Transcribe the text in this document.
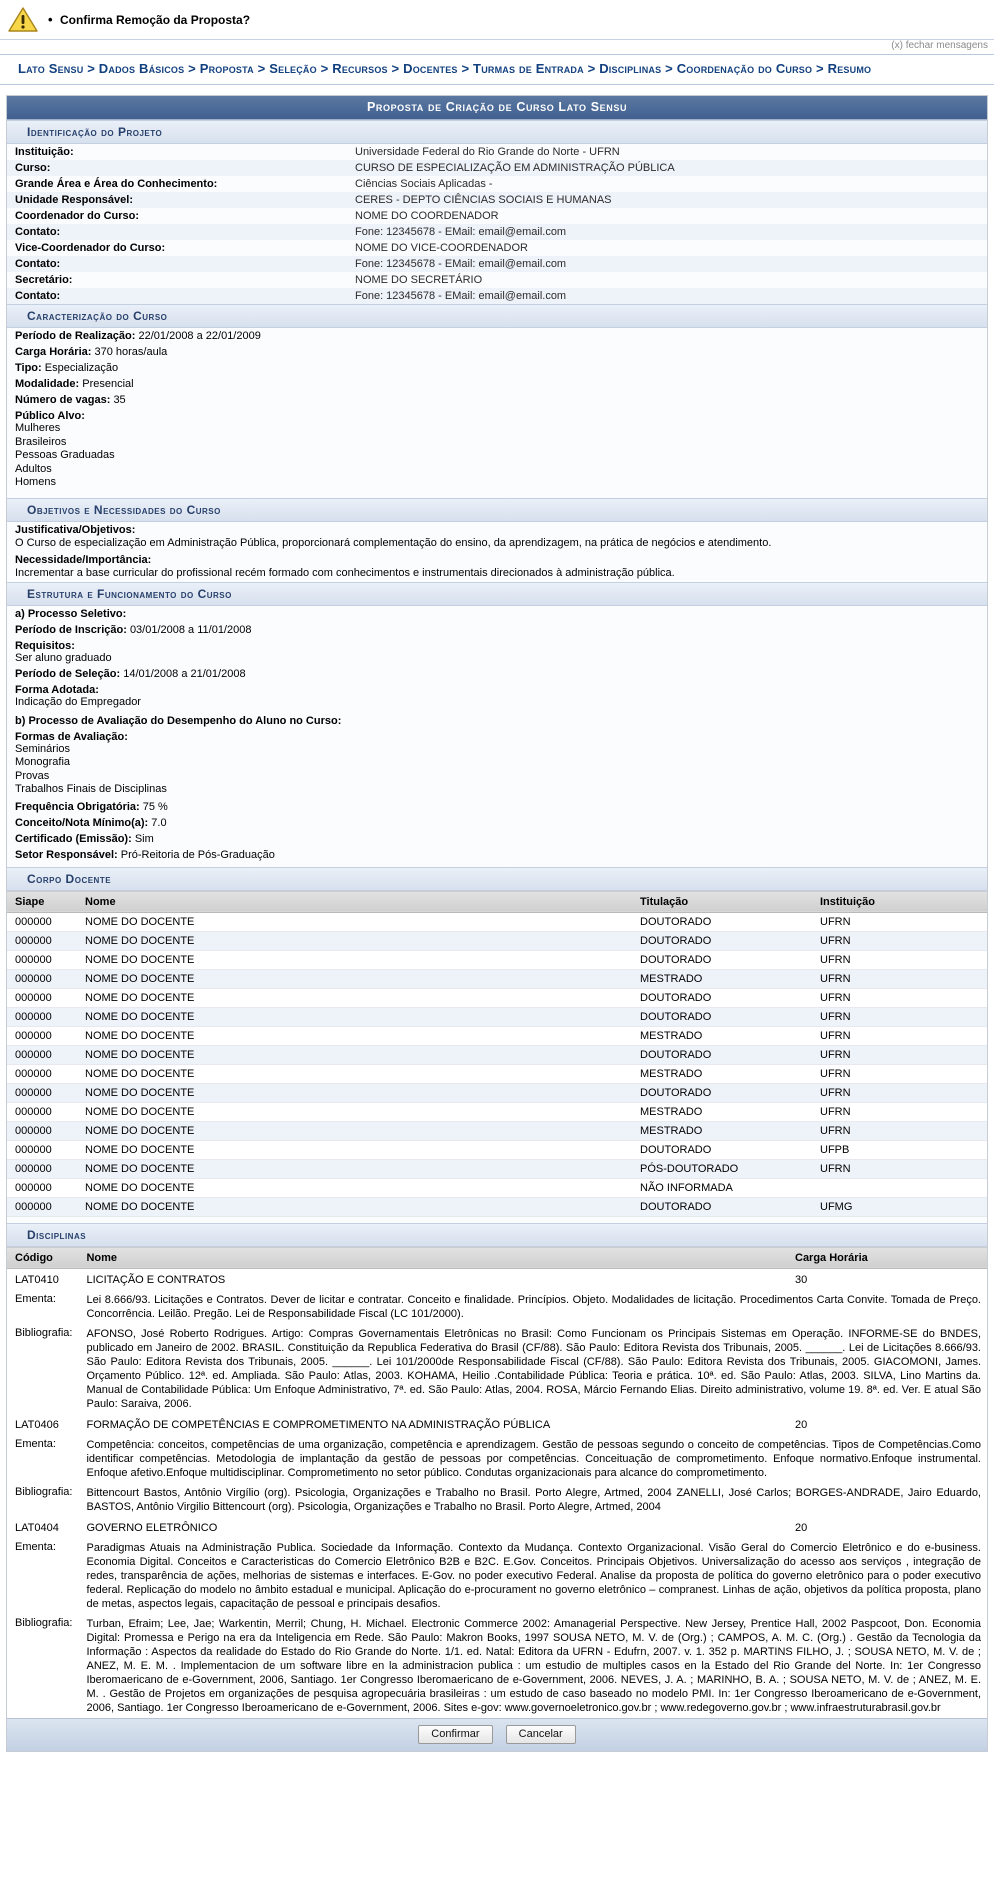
• Confirma Remoção da Proposta?
(x) fechar mensagens
Lato Sensu > Dados Básicos > Proposta > Seleção > Recursos > Docentes > Turmas de Entrada > Disciplinas > Coordenação do Curso > Resumo
Proposta de Criação de Curso Lato Sensu
Identificação do Projeto
Instituição:	Universidade Federal do Rio Grande do Norte - UFRN
Curso:	CURSO DE ESPECIALIZAÇÃO EM ADMINISTRAÇÃO PÚBLICA
Grande Área e Área do Conhecimento:	Ciências Sociais Aplicadas -
Unidade Responsável:	CERES - DEPTO CIÊNCIAS SOCIAIS E HUMANAS
Coordenador do Curso:	NOME DO COORDENADOR
Contato:	Fone: 12345678 - EMail: email@email.com
Vice-Coordenador do Curso:	NOME DO VICE-COORDENADOR
Contato:	Fone: 12345678 - EMail: email@email.com
Secretário:	NOME DO SECRETÁRIO
Contato:	Fone: 12345678 - EMail: email@email.com
Caracterização do Curso
Período de Realização: 22/01/2008 a 22/01/2009
Carga Horária: 370 horas/aula
Tipo: Especialização
Modalidade: Presencial
Número de vagas: 35
Público Alvo:
Mulheres
Brasileiros
Pessoas Graduadas
Adultos
Homens
Objetivos e Necessidades do Curso
Justificativa/Objetivos:
O Curso de especialização em Administração Pública, proporcionará complementação do ensino, da aprendizagem, na prática de negócios e atendimento.
Necessidade/Importância:
Incrementar a base curricular do profissional recém formado com conhecimentos e instrumentais direcionados à administração pública.
Estrutura e Funcionamento do Curso
a) Processo Seletivo:
Período de Inscrição: 03/01/2008 a 11/01/2008
Requisitos:
Ser aluno graduado
Período de Seleção: 14/01/2008 a 21/01/2008
Forma Adotada:
Indicação do Empregador
b) Processo de Avaliação do Desempenho do Aluno no Curso:
Formas de Avaliação:
Seminários
Monografia
Provas
Trabalhos Finais de Disciplinas
Frequência Obrigatória: 75 %
Conceito/Nota Mínimo(a): 7.0
Certificado (Emissão): Sim
Setor Responsável: Pró-Reitoria de Pós-Graduação
Corpo Docente
Siape	Nome	Titulação	Instituição
000000	NOME DO DOCENTE	DOUTORADO	UFRN
000000	NOME DO DOCENTE	DOUTORADO	UFRN
000000	NOME DO DOCENTE	DOUTORADO	UFRN
000000	NOME DO DOCENTE	MESTRADO	UFRN
000000	NOME DO DOCENTE	DOUTORADO	UFRN
000000	NOME DO DOCENTE	DOUTORADO	UFRN
000000	NOME DO DOCENTE	MESTRADO	UFRN
000000	NOME DO DOCENTE	DOUTORADO	UFRN
000000	NOME DO DOCENTE	MESTRADO	UFRN
000000	NOME DO DOCENTE	DOUTORADO	UFRN
000000	NOME DO DOCENTE	MESTRADO	UFRN
000000	NOME DO DOCENTE	MESTRADO	UFRN
000000	NOME DO DOCENTE	DOUTORADO	UFPB
000000	NOME DO DOCENTE	PÓS-DOUTORADO	UFRN
000000	NOME DO DOCENTE	NÃO INFORMADA	
000000	NOME DO DOCENTE	DOUTORADO	UFMG
Disciplinas
Código	Nome	Carga Horária
LAT0410	LICITAÇÃO E CONTRATOS	30
Ementa:	Lei 8.666/93. Licitações e Contratos. Dever de licitar e contratar. Conceito e finalidade. Princípios. Objeto. Modalidades de licitação. Procedimentos Carta Convite. Tomada de Preço. Concorrência. Leilão. Pregão. Lei de Responsabilidade Fiscal (LC 101/2000).	
Bibliografia:	AFONSO, José Roberto Rodrigues. Artigo: Compras Governamentais Eletrônicas no Brasil: Como Funcionam os Principais Sistemas em Operação. INFORME-SE do BNDES, publicado em Janeiro de 2002. BRASIL. Constituição da Republica Federativa do Brasil (CF/88). São Paulo: Editora Revista dos Tribunais, 2005. ______. Lei de Licitações 8.666/93. São Paulo: Editora Revista dos Tribunais, 2005. ______. Lei 101/2000de Responsabilidade Fiscal (CF/88). São Paulo: Editora Revista dos Tribunais, 2005. GIACOMONI, James. Orçamento Público. 12ª. ed. Ampliada. São Paulo: Atlas, 2003. KOHAMA, Heilio .Contabilidade Pública: Teoria e prática. 10ª. ed. São Paulo: Atlas, 2003. SILVA, Lino Martins da. Manual de Contabilidade Pública: Um Enfoque Administrativo, 7ª. ed. São Paulo: Atlas, 2004. ROSA, Márcio Fernando Elias. Direito administrativo, volume 19. 8ª. ed. Ver. E atual São Paulo: Saraiva, 2006.	
LAT0406	FORMAÇÃO DE COMPETÊNCIAS E COMPROMETIMENTO NA ADMINISTRAÇÃO PÚBLICA	20
Ementa:	Competência: conceitos, competências de uma organização, competência e aprendizagem. Gestão de pessoas segundo o conceito de competências. Tipos de Competências.Como identificar competências. Metodologia de implantação da gestão de pessoas por competências. Conceituação de comprometimento. Enfoque normativo.Enfoque instrumental. Enfoque afetivo.Enfoque multidisciplinar. Comprometimento no setor público. Condutas organizacionais para alcance do comprometimento.	
Bibliografia:	Bittencourt Bastos, Antônio Virgílio (org). Psicologia, Organizações e Trabalho no Brasil. Porto Alegre, Artmed, 2004 ZANELLI, José Carlos; BORGES-ANDRADE, Jairo Eduardo, BASTOS, Antônio Virgilio Bittencourt (org). Psicologia, Organizações e Trabalho no Brasil. Porto Alegre, Artmed, 2004	
LAT0404	GOVERNO ELETRÔNICO	20
Ementa:	Paradigmas Atuais na Administração Publica. Sociedade da Informação. Contexto da Mudança. Contexto Organizacional. Visão Geral do Comercio Eletrônico e do e-business. Economia Digital. Conceitos e Caracteristicas do Comercio Eletrônico B2B e B2C. E.Gov. Conceitos. Principais Objetivos. Universalização do acesso aos serviços , integração de redes, transparência de ações, melhorias de sistemas e interfaces. E-Gov. no poder executivo Federal. Analise da proposta de política do governo eletrônico para o poder executivo federal. Replicação do modelo no âmbito estadual e municipal. Aplicação do e-procurament no governo eletrônico – compranest. Linhas de ação, objetivos da política proposta, plano de metas, aspectos legais, capacitação de pessoal e principais desafios.	
Bibliografia:	Turban, Efraim; Lee, Jae; Warkentin, Merril; Chung, H. Michael. Electronic Commerce 2002: Amanagerial Perspective. New Jersey, Prentice Hall, 2002 Paspcoot, Don. Economia Digital: Promessa e Perigo na era da Inteligencia em Rede. São Paulo: Makron Books, 1997 SOUSA NETO, M. V. de (Org.) ; CAMPOS, A. M. C. (Org.) . Gestão da Tecnologia da Informação : Aspectos da realidade do Estado do Rio Grande do Norte. 1/1. ed. Natal: Editora da UFRN - Edufrn, 2007. v. 1. 352 p. MARTINS FILHO, J. ; SOUSA NETO, M. V. de ; ANEZ, M. E. M. . Implementacion de um software libre en la administracion publica : um estudio de multiples casos en la Estado del Rio Grande del Norte. In: 1er Congresso Iberomaericano de e-Government, 2006, Santiago. 1er Congresso Iberomaericano de e-Government, 2006. NEVES, J. A. ; MARINHO, B. A. ; SOUSA NETO, M. V. de ; ANEZ, M. E. M. . Gestão de Projetos em organizações de pesquisa agropecuária brasileiras : um estudo de caso baseado no modelo PMI. In: 1er Congresso Iberoamericano de e-Government, 2006, Santiago. 1er Congresso Iberoamericano de e-Government, 2006. Sites e-gov: www.governoeletronico.gov.br ; www.redegoverno.gov.br ; www.infraestruturabrasil.gov.br	
Confirmar	Cancelar
